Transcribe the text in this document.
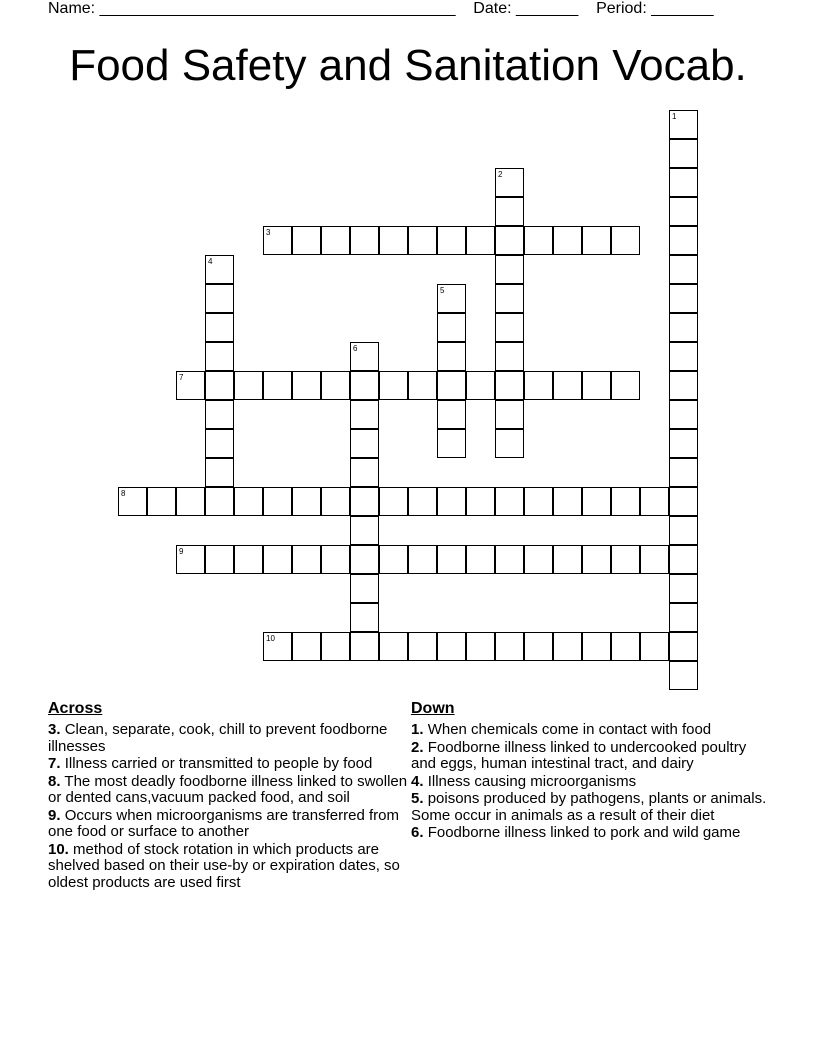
Name: ________________________________________ Date: _______ Period: _______
Food Safety and Sanitation Vocab.
1
2
3
4
5
6
7
8
9
10
Across
3. Clean, separate, cook, chill to prevent foodborne illnesses
7. Illness carried or transmitted to people by food
8. The most deadly foodborne illness linked to swollen or dented cans,vacuum packed food, and soil
9. Occurs when microorganisms are transferred from one food or surface to another
10. method of stock rotation in which products are shelved based on their use-by or expiration dates, so oldest products are used first
Down
1. When chemicals come in contact with food
2. Foodborne illness linked to undercooked poultry and eggs, human intestinal tract, and dairy
4. Illness causing microorganisms
5. poisons produced by pathogens, plants or animals. Some occur in animals as a result of their diet
6. Foodborne illness linked to pork and wild game
